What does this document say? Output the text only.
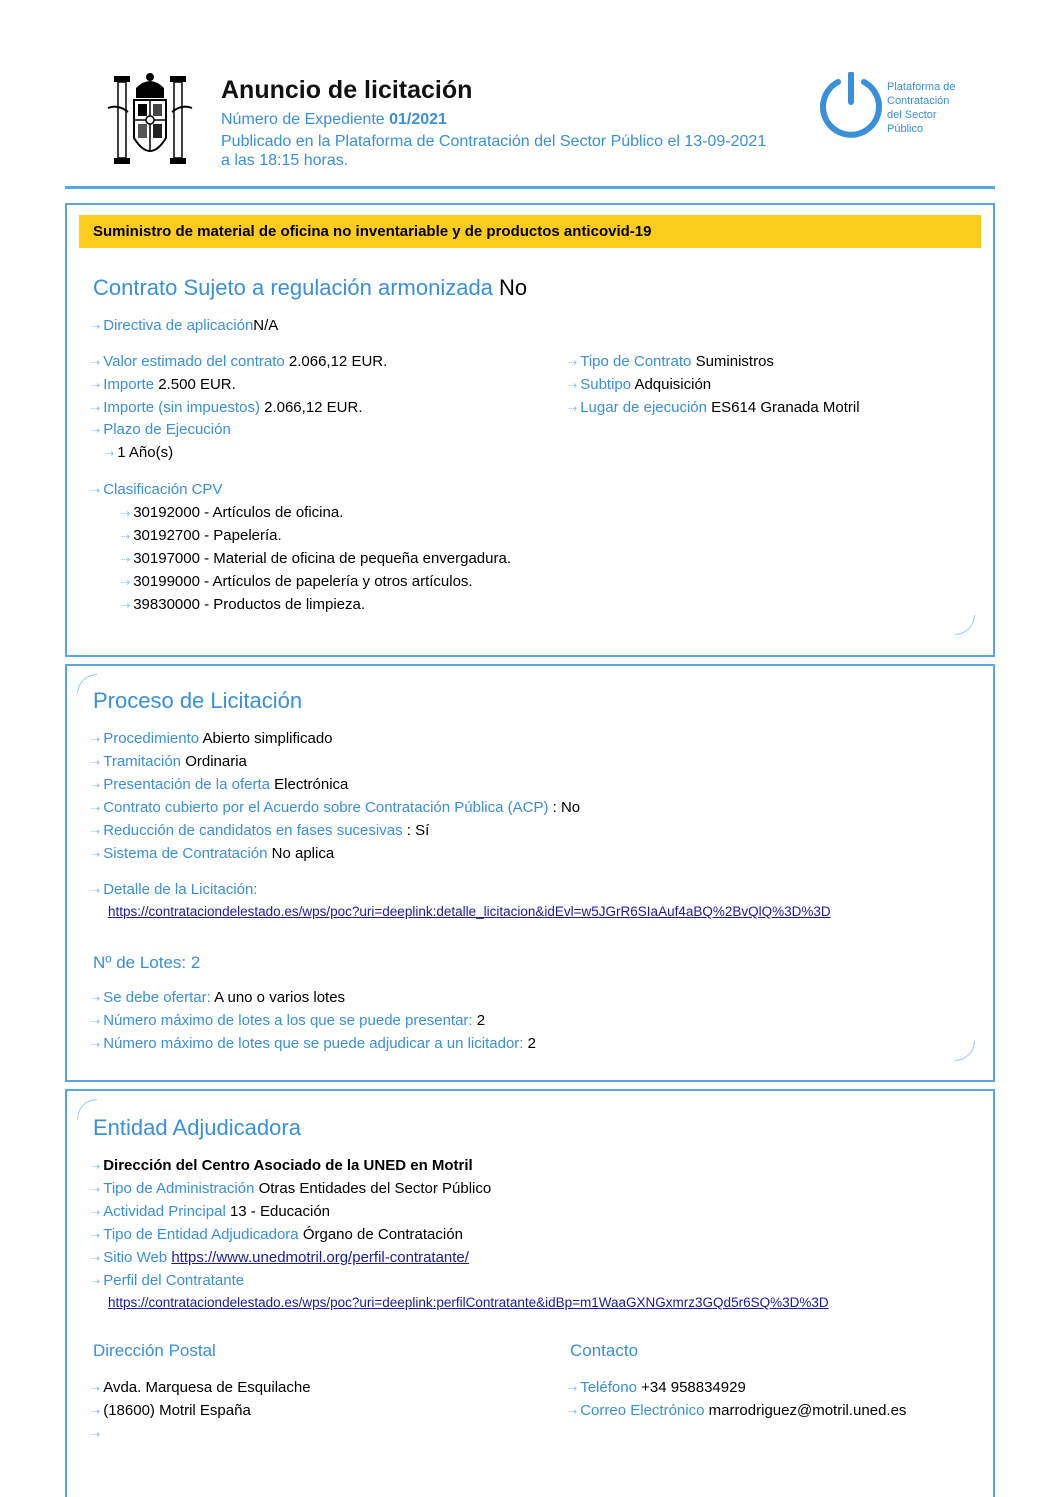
Anuncio de licitación
Número de Expediente 01/2021
Publicado en la Plataforma de Contratación del Sector Público el 13-09-2021
a las 18:15 horas.
Plataforma de
Contratación
del Sector
Público
Suministro de material de oficina no inventariable y de productos anticovid-19
Contrato Sujeto a regulación armonizada No
⇢ Directiva de aplicaciónN/A
⇢ Valor estimado del contrato 2.066,12 EUR.
⇢ Importe 2.500 EUR.
⇢ Importe (sin impuestos) 2.066,12 EUR.
⇢ Tipo de Contrato Suministros
⇢ Subtipo Adquisición
⇢ Lugar de ejecución ES614 Granada Motril
⇢ Plazo de Ejecución
⇢ 1 Año(s)
⇢ Clasificación CPV
⇢ 30192000 - Artículos de oficina.
⇢ 30192700 - Papelería.
⇢ 30197000 - Material de oficina de pequeña envergadura.
⇢ 30199000 - Artículos de papelería y otros artículos.
⇢ 39830000 - Productos de limpieza.
Proceso de Licitación
⇢ Procedimiento Abierto simplificado
⇢ Tramitación Ordinaria
⇢ Presentación de la oferta Electrónica
⇢ Contrato cubierto por el Acuerdo sobre Contratación Pública (ACP) : No
⇢ Reducción de candidatos en fases sucesivas : Sí
⇢ Sistema de Contratación No aplica
⇢ Detalle de la Licitación:
https://contrataciondelestado.es/wps/poc?uri=deeplink:detalle_licitacion&idEvl=w5JGrR6SIaAuf4aBQ%2BvQlQ%3D%3D
Nº de Lotes: 2
⇢ Se debe ofertar: A uno o varios lotes
⇢ Número máximo de lotes a los que se puede presentar: 2
⇢ Número máximo de lotes que se puede adjudicar a un licitador: 2
Entidad Adjudicadora
⇢ Dirección del Centro Asociado de la UNED en Motril
⇢ Tipo de Administración Otras Entidades del Sector Público
⇢ Actividad Principal 13 - Educación
⇢ Tipo de Entidad Adjudicadora Órgano de Contratación
⇢ Sitio Web https://www.unedmotril.org/perfil-contratante/
⇢ Perfil del Contratante
https://contrataciondelestado.es/wps/poc?uri=deeplink:perfilContratante&idBp=m1WaaGXNGxmrz3GQd5r6SQ%3D%3D
Dirección Postal	Contacto
⇢ Avda. Marquesa de Esquilache
⇢ (18600) Motril España
⇢
⇢ Teléfono +34 958834929
⇢ Correo Electrónico marrodriguez@motril.uned.es
